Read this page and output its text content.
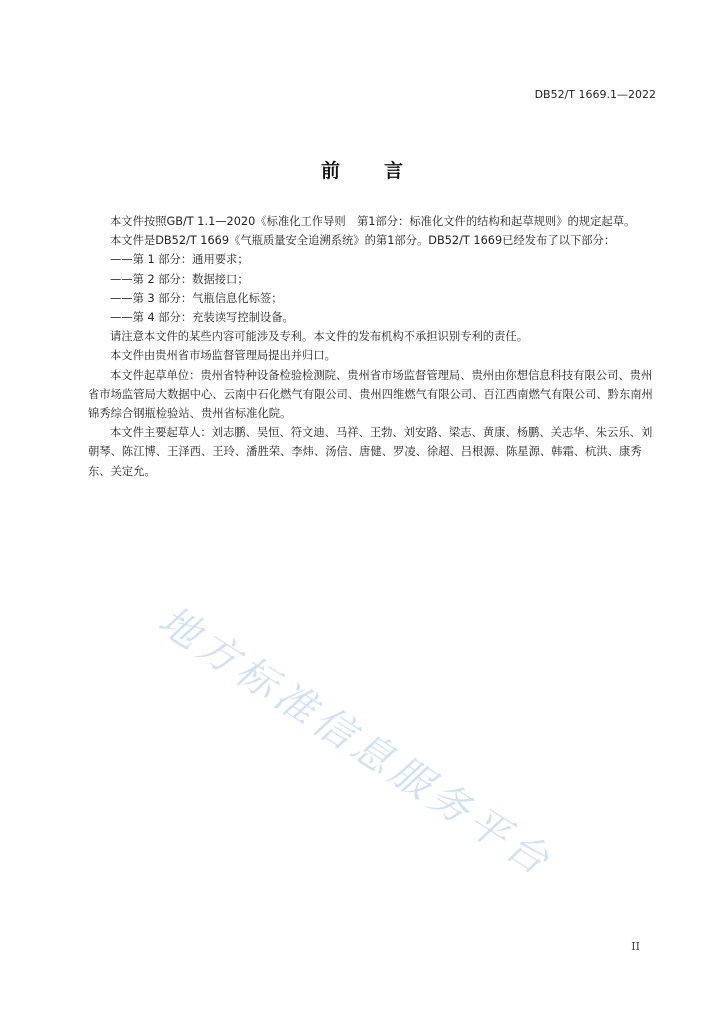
DB52/T 1669.1—2022
前 言

本文件按照GB/T 1.1—2020《标准化工作导则　第1部分：标准化文件的结构和起草规则》的规定起草。

本文件是DB52/T 1669《气瓶质量安全追溯系统》的第1部分。DB52/T 1669已经发布了以下部分：

——第 1 部分：通用要求；

——第 2 部分：数据接口；

——第 3 部分：气瓶信息化标签；

——第 4 部分：充装读写控制设备。

请注意本文件的某些内容可能涉及专利。本文件的发布机构不承担识别专利的责任。

本文件由贵州省市场监督管理局提出并归口。

本文件起草单位：贵州省特种设备检验检测院、贵州省市场监督管理局、贵州由你想信息科技有限公司、贵州省市场监管局大数据中心、云南中石化燃气有限公司、贵州四维燃气有限公司、百江西南燃气有限公司、黔东南州锦秀综合钢瓶检验站、贵州省标准化院。

本文件主要起草人：刘志鹏、吴恒、符文迪、马祥、王勃、刘安路、梁志、黄康、杨鹏、关志华、朱云乐、刘朝琴、陈江博、王泽西、王玲、潘胜荣、李炜、汤信、唐健、罗凌、徐超、吕根源、陈星源、韩霜、杭洪、康秀东、关定允。

地方标准信息服务平台
II
